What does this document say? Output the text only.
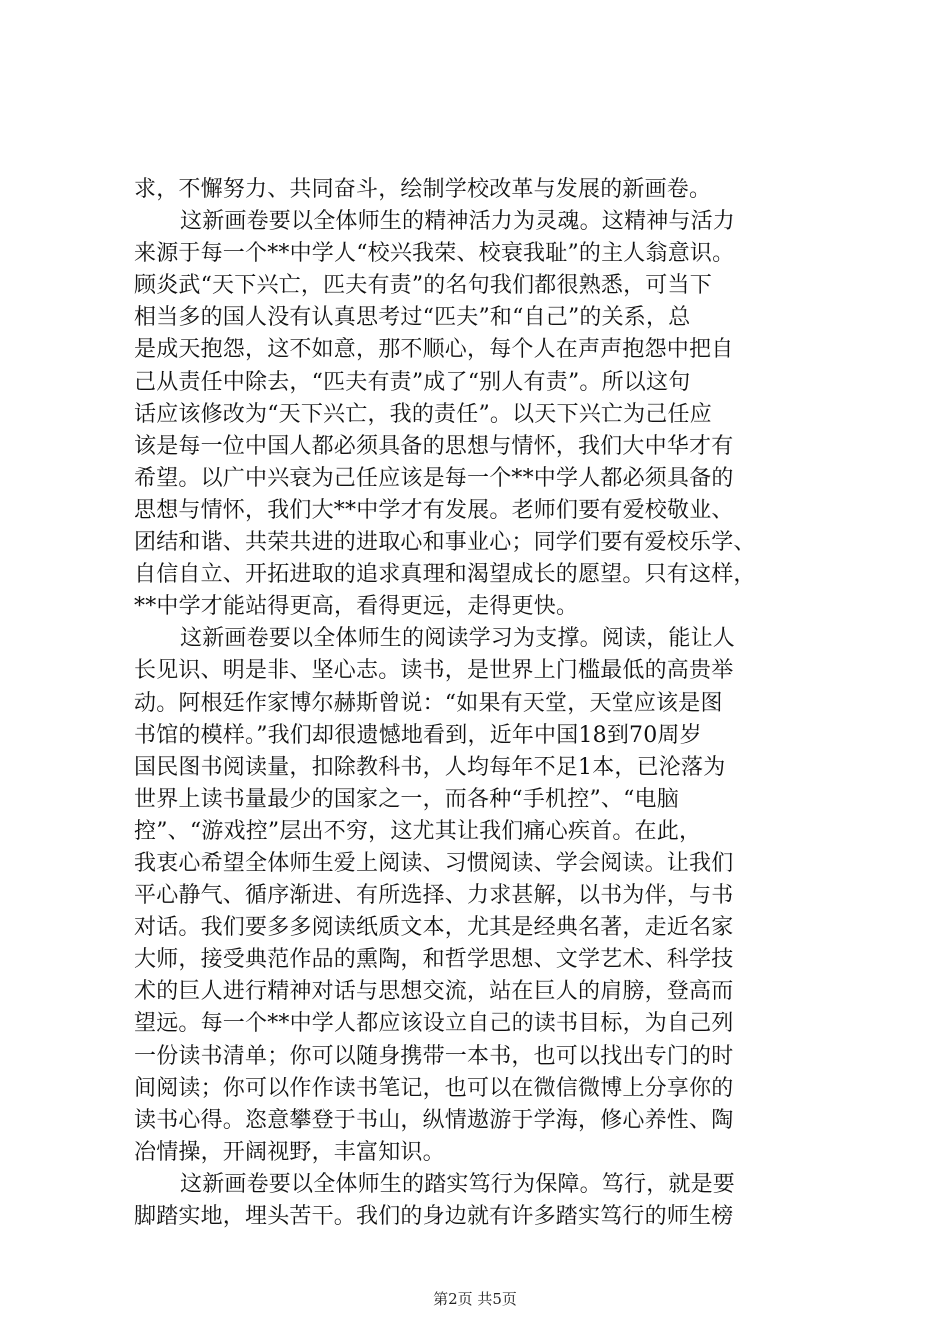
求，不懈努力、共同奋斗，绘制学校改革与发展的新画卷。
这新画卷要以全体师生的精神活力为灵魂。这精神与活力
来源于每一个**中学人“校兴我荣、校衰我耻”的主人翁意识。
顾炎武“天下兴亡，匹夫有责”的名句我们都很熟悉，可当下
相当多的国人没有认真思考过“匹夫”和“自己”的关系，总
是成天抱怨，这不如意，那不顺心，每个人在声声抱怨中把自
己从责任中除去，“匹夫有责”成了“别人有责”。所以这句
话应该修改为“天下兴亡，我的责任”。以天下兴亡为己任应
该是每一位中国人都必须具备的思想与情怀，我们大中华才有
希望。以广中兴衰为己任应该是每一个**中学人都必须具备的
思想与情怀，我们大**中学才有发展。老师们要有爱校敬业、
团结和谐、共荣共进的进取心和事业心；同学们要有爱校乐学、
自信自立、开拓进取的追求真理和渴望成长的愿望。只有这样，
**中学才能站得更高，看得更远，走得更快。
这新画卷要以全体师生的阅读学习为支撑。阅读，能让人
长见识、明是非、坚心志。读书，是世界上门槛最低的高贵举
动。阿根廷作家博尔赫斯曾说：“如果有天堂，天堂应该是图
书馆的模样。”我们却很遗憾地看到，近年中国18到70周岁
国民图书阅读量，扣除教科书，人均每年不足1本，已沦落为
世界上读书量最少的国家之一，而各种“手机控”、“电脑
控”、“游戏控”层出不穷，这尤其让我们痛心疾首。在此，
我衷心希望全体师生爱上阅读、习惯阅读、学会阅读。让我们
平心静气、循序渐进、有所选择、力求甚解，以书为伴，与书
对话。我们要多多阅读纸质文本，尤其是经典名著，走近名家
大师，接受典范作品的熏陶，和哲学思想、文学艺术、科学技
术的巨人进行精神对话与思想交流，站在巨人的肩膀，登高而
望远。每一个**中学人都应该设立自己的读书目标，为自己列
一份读书清单；你可以随身携带一本书，也可以找出专门的时
间阅读；你可以作作读书笔记，也可以在微信微博上分享你的
读书心得。恣意攀登于书山，纵情遨游于学海，修心养性、陶
冶情操，开阔视野，丰富知识。
这新画卷要以全体师生的踏实笃行为保障。笃行，就是要
脚踏实地，埋头苦干。我们的身边就有许多踏实笃行的师生榜
第2页 共5页
